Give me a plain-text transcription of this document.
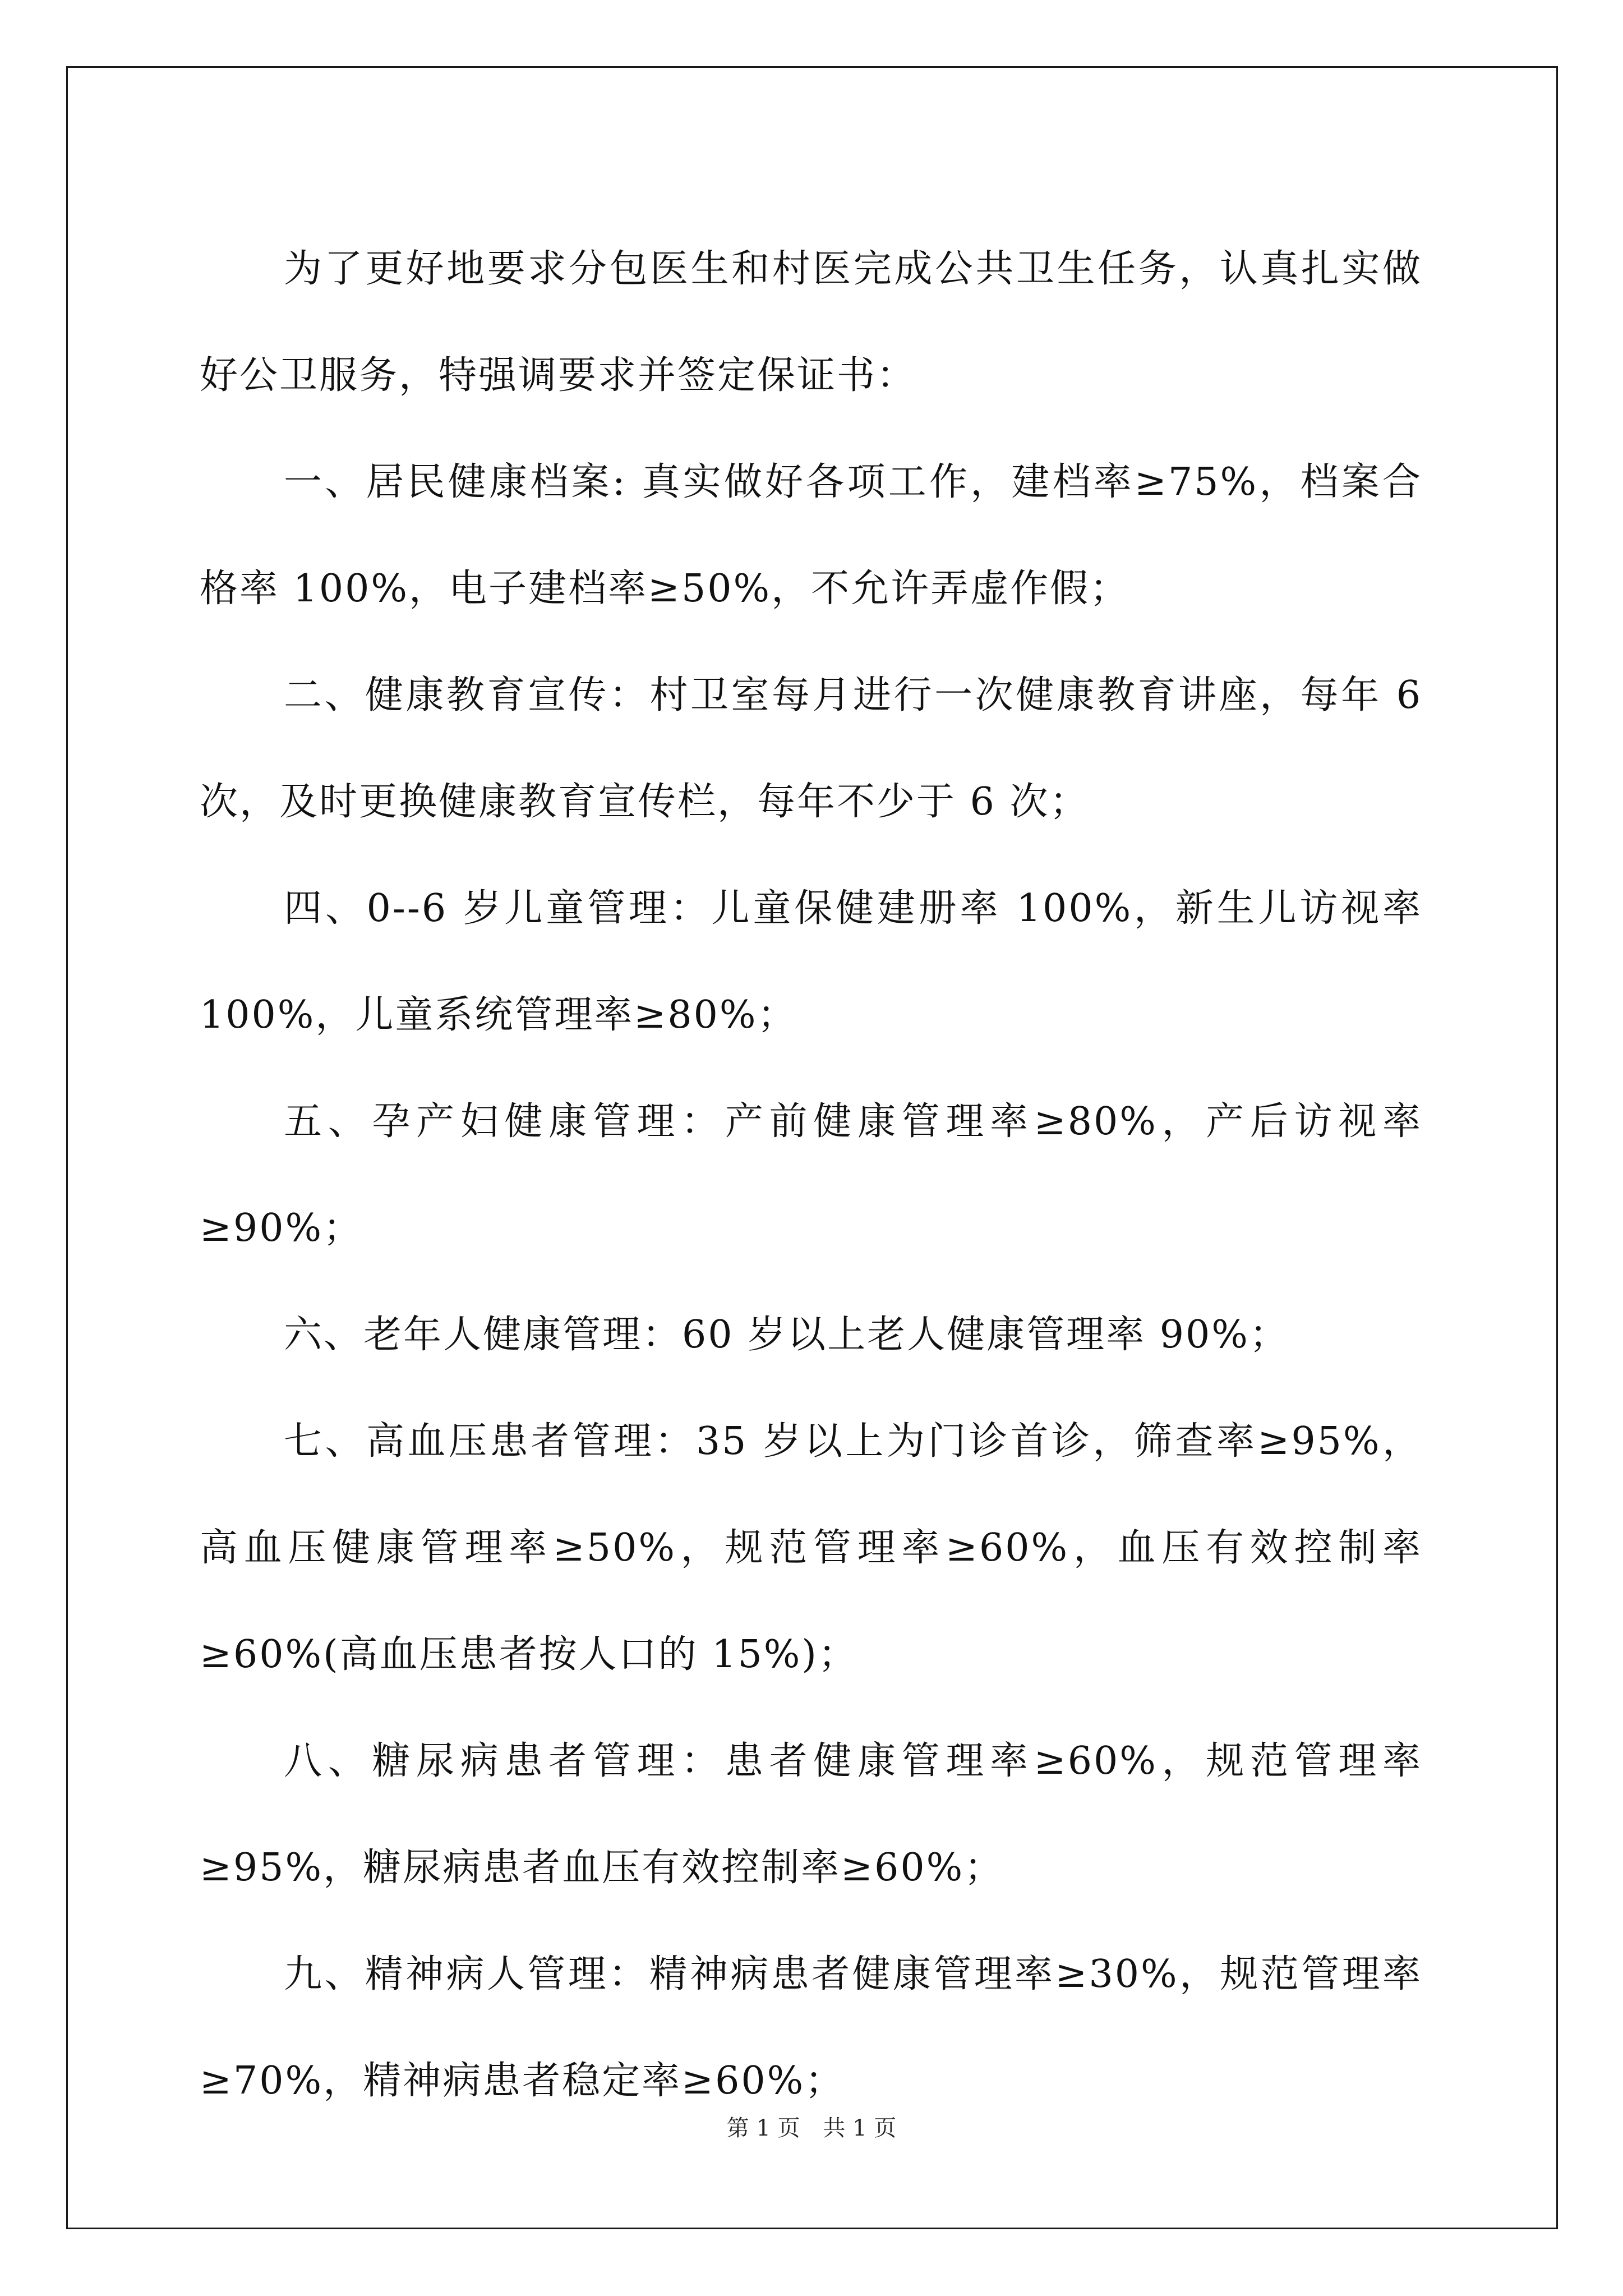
为了更好地要求分包医生和村医完成公共卫生任务，认真扎实做好公卫服务，特强调要求并签定保证书：

一、居民健康档案: 真实做好各项工作，建档率≥75%，档案合格率 100%，电子建档率≥50%，不允许弄虚作假；

二、健康教育宣传：村卫室每月进行一次健康教育讲座，每年 6 次，及时更换健康教育宣传栏，每年不少于 6 次；

四、0--6 岁儿童管理：儿童保健建册率 100%，新生儿访视率 100%，儿童系统管理率≥80%；

五、孕产妇健康管理：产前健康管理率≥80%，产后访视率≥90%；

六、老年人健康管理：60 岁以上老人健康管理率 90%；

七、高血压患者管理：35 岁以上为门诊首诊，筛查率≥95%，高血压健康管理率≥50%，规范管理率≥60%，血压有效控制率≥60%(高血压患者按人口的 15%)；

八、糖尿病患者管理：患者健康管理率≥60%，规范管理率≥95%，糖尿病患者血压有效控制率≥60%；

九、精神病人管理：精神病患者健康管理率≥30%，规范管理率≥70%，精神病患者稳定率≥60%；

第 1 页 共 1 页
